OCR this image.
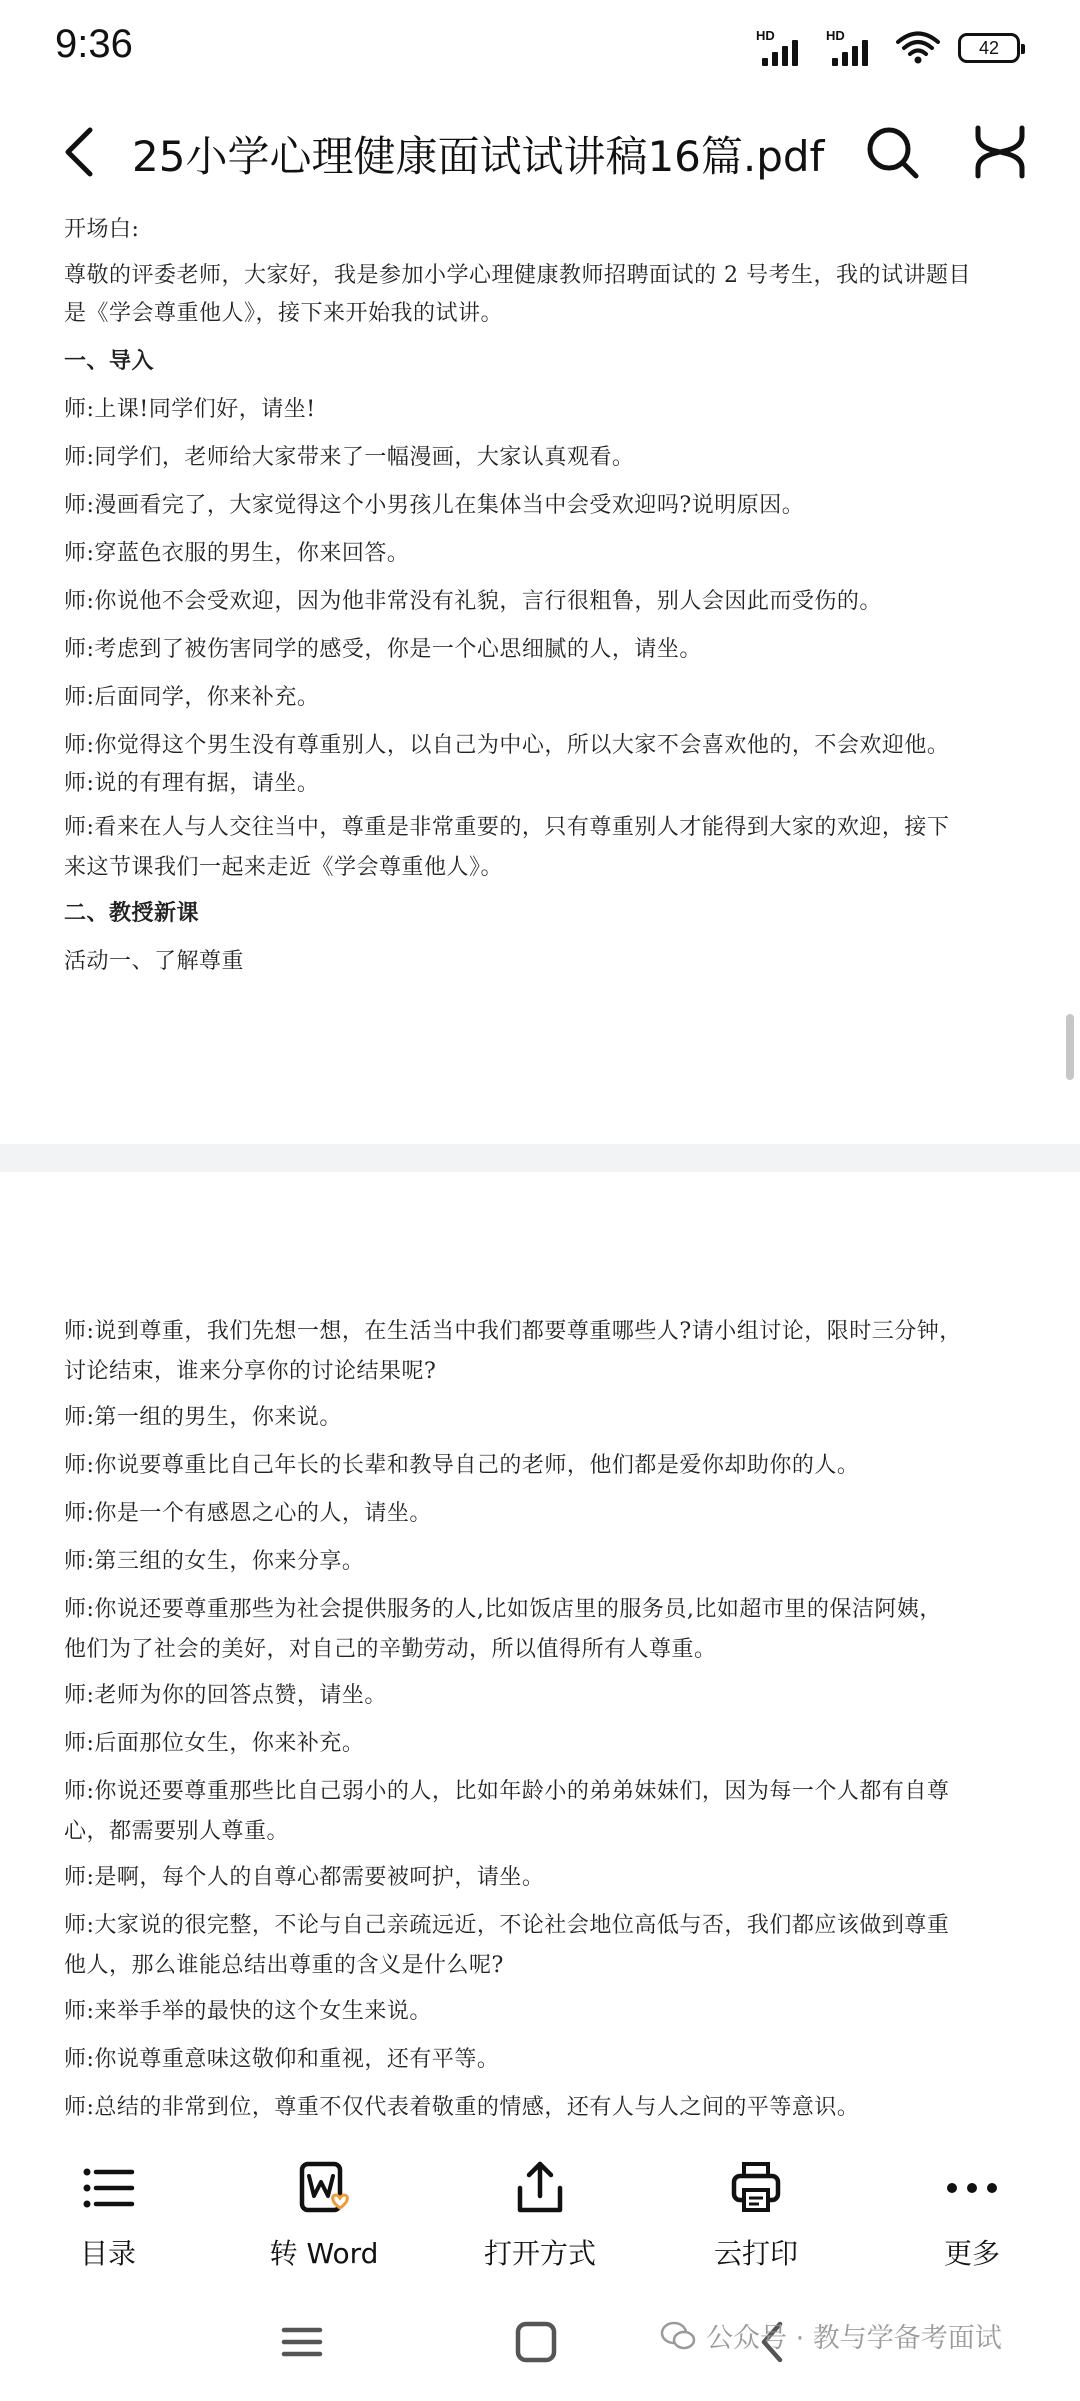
9:36	HD	HD
42
25小学心理健康面试试讲稿16篇.pdf
开场白:
尊敬的评委老师，大家好，我是参加小学心理健康教师招聘面试的 2 号考生，我的试讲题目
是《学会尊重他人》，接下来开始我的试讲。
一、导入
师:上课!同学们好，请坐!
师:同学们，老师给大家带来了一幅漫画，大家认真观看。
师:漫画看完了，大家觉得这个小男孩儿在集体当中会受欢迎吗?说明原因。
师:穿蓝色衣服的男生，你来回答。
师:你说他不会受欢迎，因为他非常没有礼貌，言行很粗鲁，别人会因此而受伤的。
师:考虑到了被伤害同学的感受，你是一个心思细腻的人，请坐。
师:后面同学，你来补充。
师:你觉得这个男生没有尊重别人，以自己为中心，所以大家不会喜欢他的，不会欢迎他。
师:说的有理有据，请坐。
师:看来在人与人交往当中，尊重是非常重要的，只有尊重别人才能得到大家的欢迎，接下
来这节课我们一起来走近《学会尊重他人》。
二、教授新课
活动一、了解尊重
师:说到尊重，我们先想一想，在生活当中我们都要尊重哪些人?请小组讨论，限时三分钟，
讨论结束，谁来分享你的讨论结果呢?
师:第一组的男生，你来说。
师:你说要尊重比自己年长的长辈和教导自己的老师，他们都是爱你却助你的人。
师:你是一个有感恩之心的人，请坐。
师:第三组的女生，你来分享。
师:你说还要尊重那些为社会提供服务的人,比如饭店里的服务员,比如超市里的保洁阿姨，
他们为了社会的美好，对自己的辛勤劳动，所以值得所有人尊重。
师:老师为你的回答点赞，请坐。
师:后面那位女生，你来补充。
师:你说还要尊重那些比自己弱小的人，比如年龄小的弟弟妹妹们，因为每一个人都有自尊
心，都需要别人尊重。
师:是啊，每个人的自尊心都需要被呵护，请坐。
师:大家说的很完整，不论与自己亲疏远近，不论社会地位高低与否，我们都应该做到尊重
他人，那么谁能总结出尊重的含义是什么呢?
师:来举手举的最快的这个女生来说。
师:你说尊重意味这敬仰和重视，还有平等。
师:总结的非常到位，尊重不仅代表着敬重的情感，还有人与人之间的平等意识。
目录	转 Word	打开方式	云打印	更多
公众号 · 教与学备考面试
